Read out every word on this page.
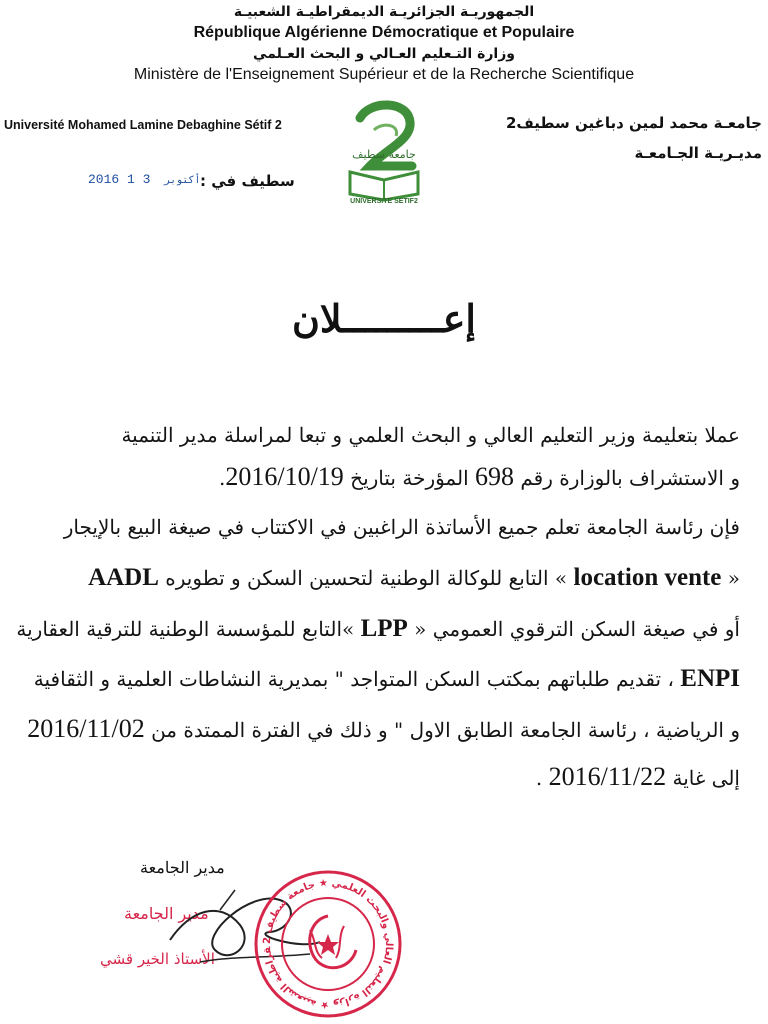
الجمهوريـة الجزائريـة الديمقراطيـة الشعبيـة
République Algérienne Démocratique et Populaire
وزارة التـعليم العـالي و البحث العـلمي
Ministère de l'Enseignement Supérieur et de la Recherche Scientifique
Université Mohamed Lamine Debaghine Sétif 2	جامعـة محمد لمين دباغين سطيف2
مديـريـة الجـامعـة
جامعة سطيف
UNIVERSITE SETIF2
سطيف في :
2016	أكتوبر 3 1
إعـــــــــلان
عملا بتعليمة وزير التعليم العالي و البحث العلمي و تبعا لمراسلة مدير التنمية
و الاستشراف بالوزارة رقم 698 المؤرخة بتاريخ 2016/10/19.
فإن رئاسة الجامعة تعلم جميع الأساتذة الراغبين في الاكتتاب في صيغة البيع بالإيجار
« location vente » التابع للوكالة الوطنية لتحسين السكن و تطويره AADL
أو في صيغة السكن الترقوي العمومي « LPP »التابع للمؤسسة الوطنية للترقية العقارية
ENPI ، تقديم طلباتهم بمكتب السكن المتواجد " بمديرية النشاطات العلمية و الثقافية
و الرياضية ، رئاسة الجامعة الطابق الاول " و ذلك في الفترة الممتدة من 2016/11/02
إلى غاية 2016/11/22 .
مدير الجامعة
مدير الجامعة
الأستاذ الخير قشي	قراطية الشعبية ★ وزارة التعليم العالي والبحث العلمي ★ جامعة سطيف 2
